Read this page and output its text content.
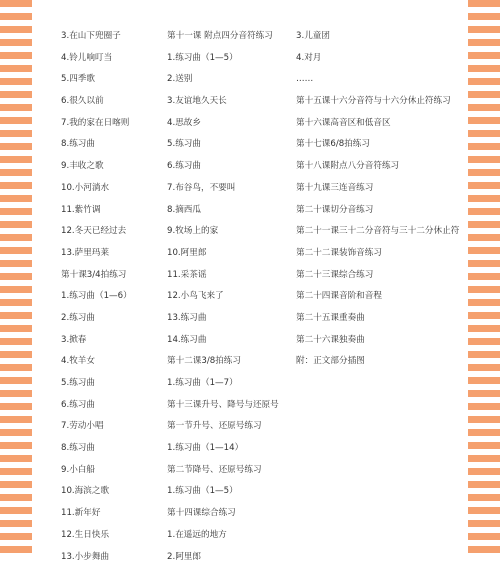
3.在山下兜圈子
4.铃儿响叮当
5.四季歌
6.很久以前
7.我的家在日喀则
8.练习曲
9.丰收之歌
10.小河淌水
11.紫竹调
12.冬天已经过去
13.萨里玛莱
第十课3/4拍练习
1.练习曲（1—6）
2.练习曲
3.掀春
4.牧羊女
5.练习曲
6.练习曲
7.劳动小唱
8.练习曲
9.小白船
10.海滨之歌
11.新年好
12.生日快乐
13.小步舞曲
第十一课 附点四分音符练习
1.练习曲（1—5）
2.送别
3.友谊地久天长
4.思故乡
5.练习曲
6.练习曲
7.布谷鸟，不要叫
8.摘西瓜
9.牧场上的家
10.阿里郎
11.采茶谣
12.小鸟飞来了
13.练习曲
14.练习曲
第十二课3/8拍练习
1.练习曲（1—7）
第十三课升号、降号与还原号
第一节升号、还原号练习
1.练习曲（1—14）
第二节降号、还原号练习
1.练习曲（1—5）
第十四课综合练习
1.在遥远的地方
2.阿里郎
3.儿童团
4.对月
……
第十五课十六分音符与十六分休止符练习
第十六课高音区和低音区
第十七课6/8拍练习
第十八课附点八分音符练习
第十九课三连音练习
第二十课切分音练习
第二十一课三十二分音符与三十二分休止符
第二十二课装饰音练习
第二十三课综合练习
第二十四课音阶和音程
第二十五课重奏曲
第二十六课独奏曲
附：正文部分插图
